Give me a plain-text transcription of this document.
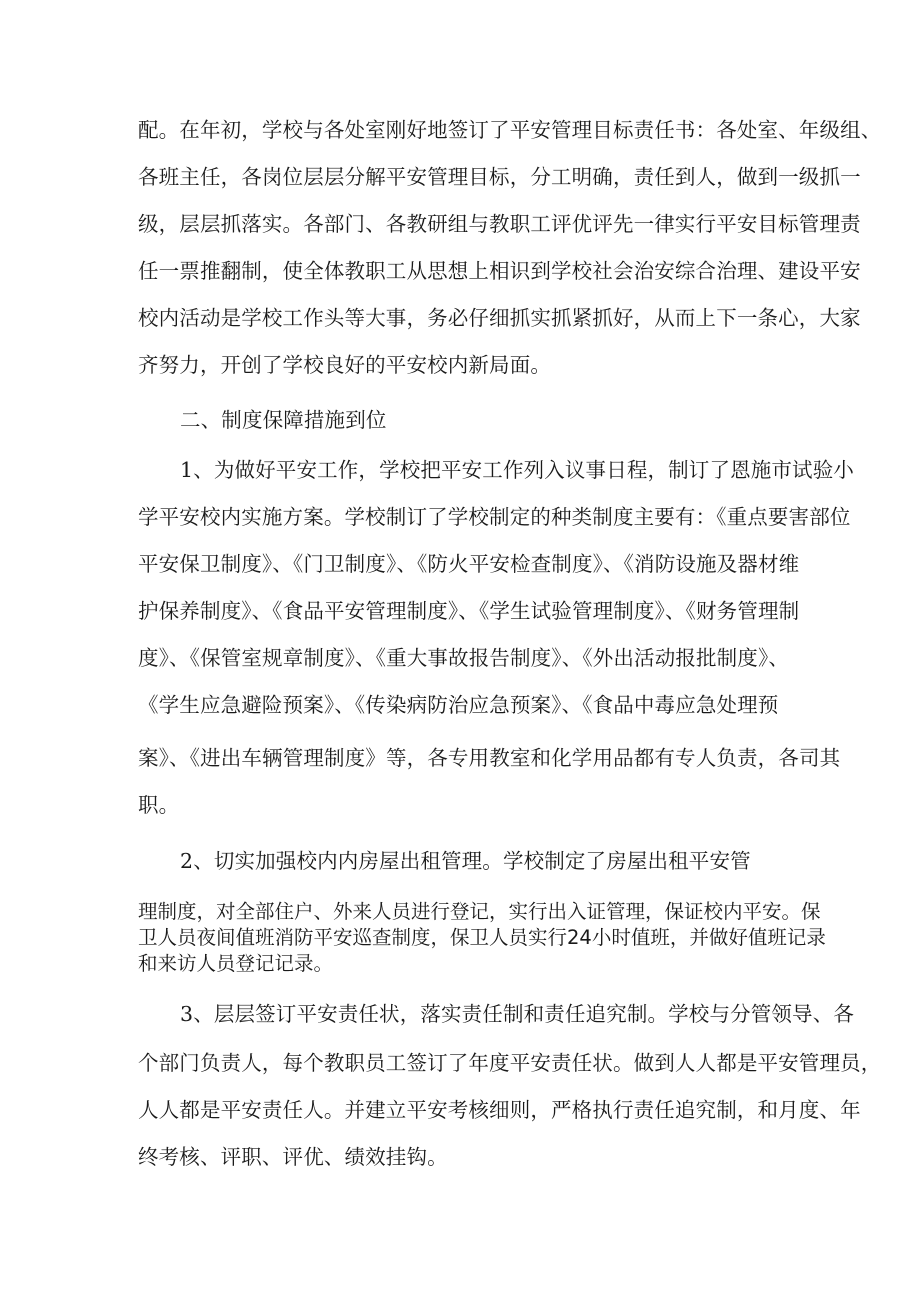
配。在年初，学校与各处室刚好地签订了平安管理目标责任书：各处室、年级组、
各班主任，各岗位层层分解平安管理目标，分工明确，责任到人，做到一级抓一
级，层层抓落实。各部门、各教研组与教职工评优评先一律实行平安目标管理责
任一票推翻制，使全体教职工从思想上相识到学校社会治安综合治理、建设平安
校内活动是学校工作头等大事，务必仔细抓实抓紧抓好，从而上下一条心，大家
齐努力，开创了学校良好的平安校内新局面。
二、制度保障措施到位
1、为做好平安工作，学校把平安工作列入议事日程，制订了恩施市试验小
学平安校内实施方案。学校制订了学校制定的种类制度主要有：《重点要害部位
平安保卫制度》、《门卫制度》、《防火平安检查制度》、《消防设施及器材维
护保养制度》、《食品平安管理制度》、《学生试验管理制度》、《财务管理制
度》、《保管室规章制度》、《重大事故报告制度》、《外出活动报批制度》、
《学生应急避险预案》、《传染病防治应急预案》、《食品中毒应急处理预
案》、《进出车辆管理制度》等，各专用教室和化学用品都有专人负责，各司其
职。
2、切实加强校内内房屋出租管理。学校制定了房屋出租平安管
理制度，对全部住户、外来人员进行登记，实行出入证管理，保证校内平安。保
卫人员夜间值班消防平安巡查制度，保卫人员实行24小时值班，并做好值班记录
和来访人员登记记录。
3、层层签订平安责任状，落实责任制和责任追究制。学校与分管领导、各
个部门负责人，每个教职员工签订了年度平安责任状。做到人人都是平安管理员，
人人都是平安责任人。并建立平安考核细则，严格执行责任追究制，和月度、年
终考核、评职、评优、绩效挂钩。
